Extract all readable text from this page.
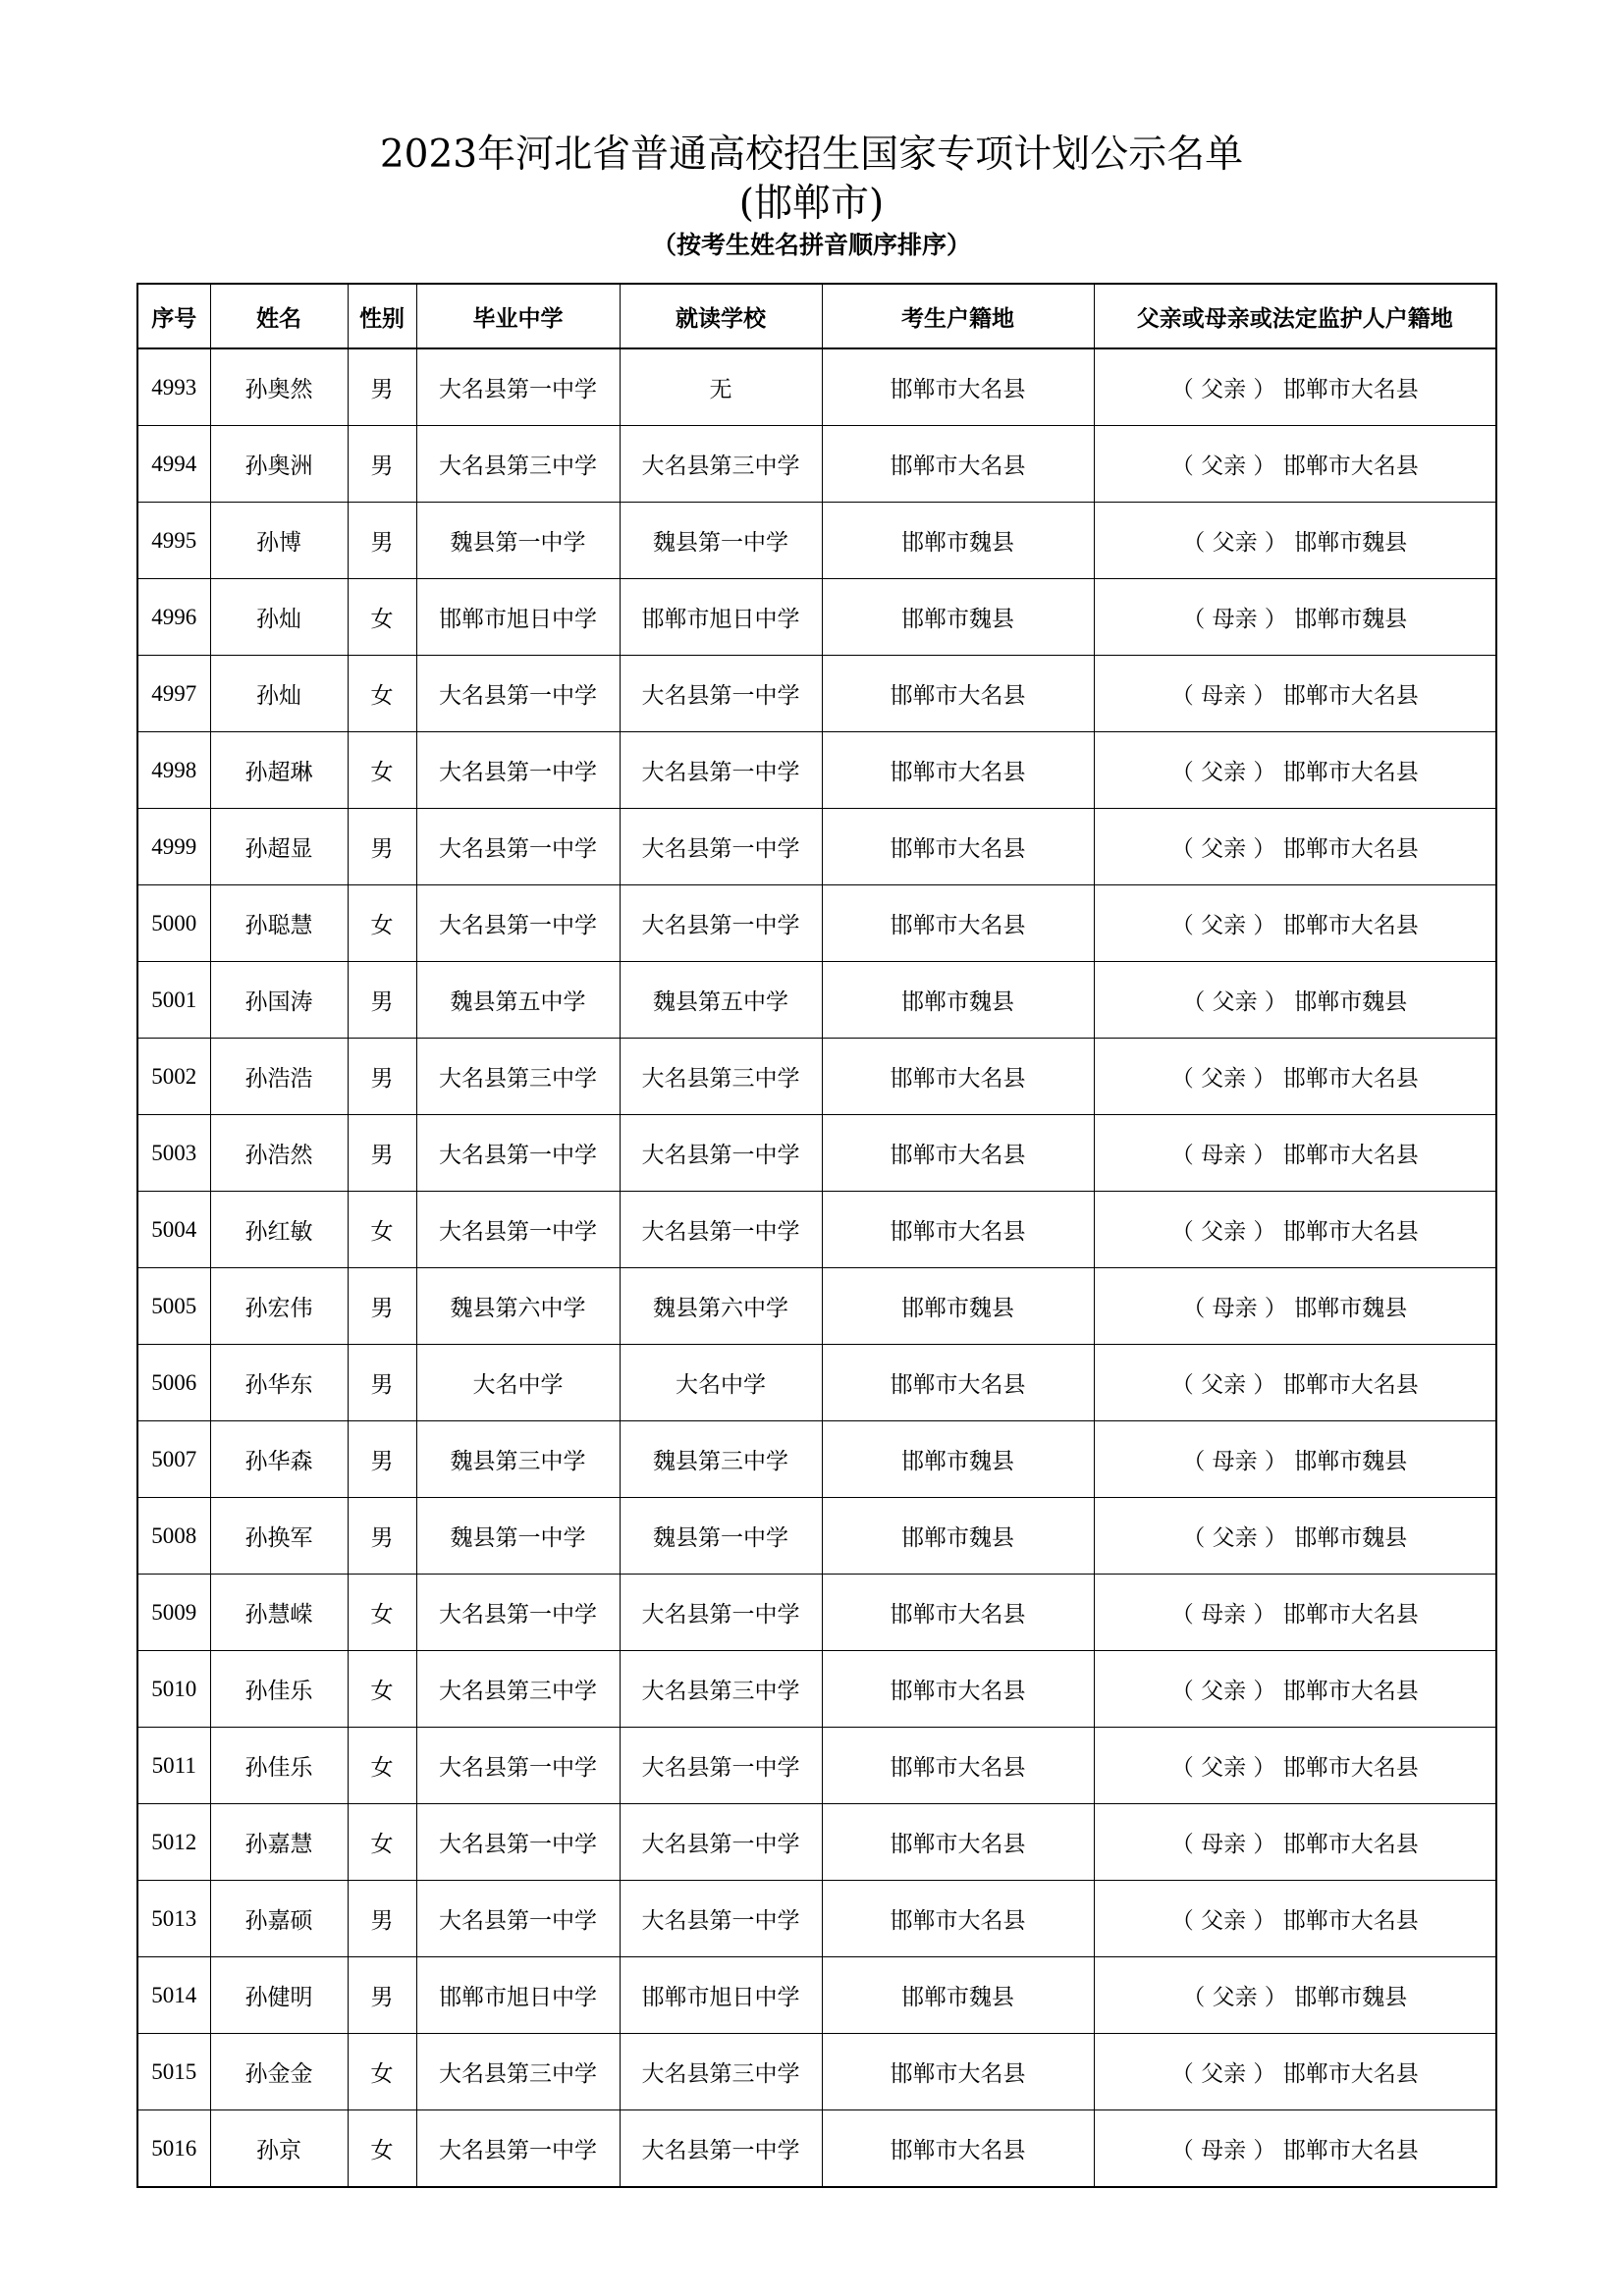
2023年河北省普通高校招生国家专项计划公示名单
(邯郸市)
（按考生姓名拼音顺序排序）
序号	姓名	性别	毕业中学	就读学校	考生户籍地	父亲或母亲或法定监护人户籍地
4993	孙奥然	男	大名县第一中学	无	邯郸市大名县	（ 父亲 ） 邯郸市大名县
4994	孙奥洲	男	大名县第三中学	大名县第三中学	邯郸市大名县	（ 父亲 ） 邯郸市大名县
4995	孙博	男	魏县第一中学	魏县第一中学	邯郸市魏县	（ 父亲 ） 邯郸市魏县
4996	孙灿	女	邯郸市旭日中学	邯郸市旭日中学	邯郸市魏县	（ 母亲 ） 邯郸市魏县
4997	孙灿	女	大名县第一中学	大名县第一中学	邯郸市大名县	（ 母亲 ） 邯郸市大名县
4998	孙超琳	女	大名县第一中学	大名县第一中学	邯郸市大名县	（ 父亲 ） 邯郸市大名县
4999	孙超显	男	大名县第一中学	大名县第一中学	邯郸市大名县	（ 父亲 ） 邯郸市大名县
5000	孙聪慧	女	大名县第一中学	大名县第一中学	邯郸市大名县	（ 父亲 ） 邯郸市大名县
5001	孙国涛	男	魏县第五中学	魏县第五中学	邯郸市魏县	（ 父亲 ） 邯郸市魏县
5002	孙浩浩	男	大名县第三中学	大名县第三中学	邯郸市大名县	（ 父亲 ） 邯郸市大名县
5003	孙浩然	男	大名县第一中学	大名县第一中学	邯郸市大名县	（ 母亲 ） 邯郸市大名县
5004	孙红敏	女	大名县第一中学	大名县第一中学	邯郸市大名县	（ 父亲 ） 邯郸市大名县
5005	孙宏伟	男	魏县第六中学	魏县第六中学	邯郸市魏县	（ 母亲 ） 邯郸市魏县
5006	孙华东	男	大名中学	大名中学	邯郸市大名县	（ 父亲 ） 邯郸市大名县
5007	孙华森	男	魏县第三中学	魏县第三中学	邯郸市魏县	（ 母亲 ） 邯郸市魏县
5008	孙换军	男	魏县第一中学	魏县第一中学	邯郸市魏县	（ 父亲 ） 邯郸市魏县
5009	孙慧嵘	女	大名县第一中学	大名县第一中学	邯郸市大名县	（ 母亲 ） 邯郸市大名县
5010	孙佳乐	女	大名县第三中学	大名县第三中学	邯郸市大名县	（ 父亲 ） 邯郸市大名县
5011	孙佳乐	女	大名县第一中学	大名县第一中学	邯郸市大名县	（ 父亲 ） 邯郸市大名县
5012	孙嘉慧	女	大名县第一中学	大名县第一中学	邯郸市大名县	（ 母亲 ） 邯郸市大名县
5013	孙嘉硕	男	大名县第一中学	大名县第一中学	邯郸市大名县	（ 父亲 ） 邯郸市大名县
5014	孙健明	男	邯郸市旭日中学	邯郸市旭日中学	邯郸市魏县	（ 父亲 ） 邯郸市魏县
5015	孙金金	女	大名县第三中学	大名县第三中学	邯郸市大名县	（ 父亲 ） 邯郸市大名县
5016	孙京	女	大名县第一中学	大名县第一中学	邯郸市大名县	（ 母亲 ） 邯郸市大名县
